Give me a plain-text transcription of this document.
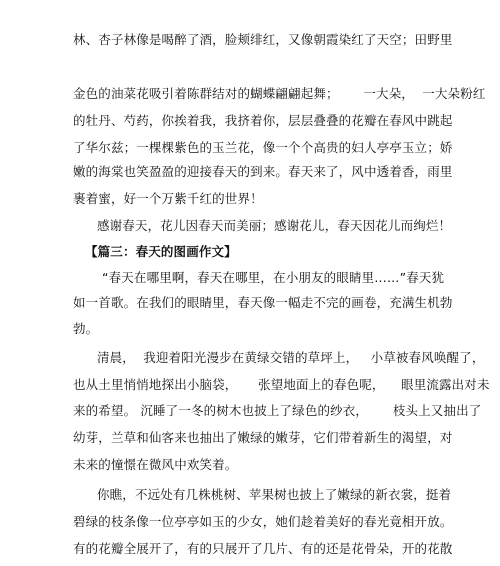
林、杏子林像是喝醉了酒，脸颊绯红，又像朝霞染红了天空；田野里
金色的油菜花吸引着陈群结对的蝴蝶翩翩起舞；      一大朵，  一大朵粉红
的牡丹、芍药，你挨着我，我挤着你，层层叠叠的花瓣在春风中跳起
了华尔兹；一棵棵紫色的玉兰花，像一个个高贵的妇人亭亭玉立；娇
嫩的海棠也笑盈盈的迎接春天的到来。春天来了，风中透着香，雨里
裹着蜜，好一个万紫千红的世界！
感谢春天，花儿因春天而美丽；感谢花儿，春天因花儿而绚烂！
【篇三：春天的图画作文】
“春天在哪里啊，春天在哪里，在小朋友的眼睛里……”春天犹
如一首歌。在我们的眼睛里，春天像一幅走不完的画卷，充满生机勃
勃。
清晨，  我迎着阳光漫步在黄绿交错的草坪上，   小草被春风唤醒了，
也从土里悄悄地探出小脑袋，     张望地面上的春色呢，    眼里流露出对未
来的希望。 沉睡了一冬的树木也披上了绿色的纱衣，      枝头上又抽出了
幼芽，兰草和仙客来也抽出了嫩绿的嫩芽，它们带着新生的渴望，对
未来的憧憬在微风中欢笑着。
你瞧，不远处有几株桃树、苹果树也披上了嫩绿的新衣裳，挺着
碧绿的枝条像一位亭亭如玉的少女，她们趁着美好的春光竟相开放。
有的花瓣全展开了，有的只展开了几片、有的还是花骨朵，开的花散
